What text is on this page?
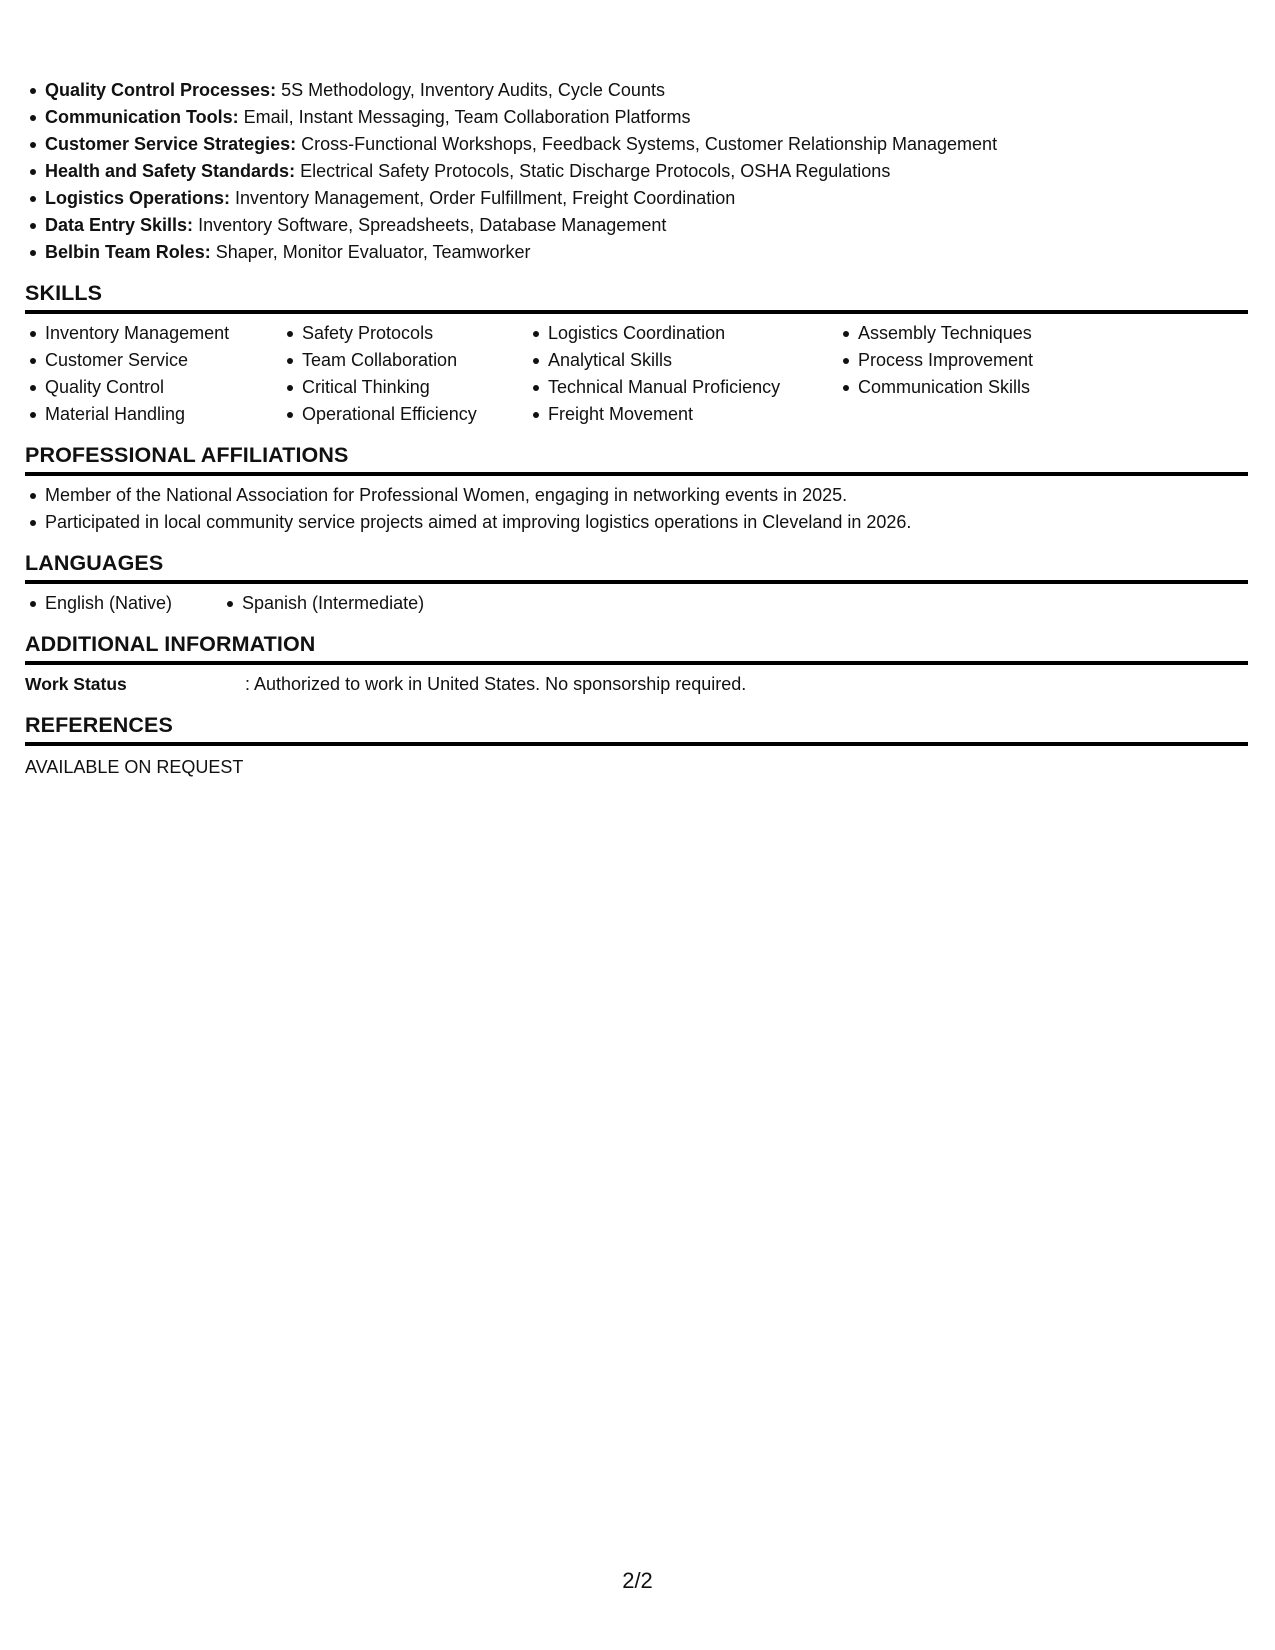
Quality Control Processes: 5S Methodology, Inventory Audits, Cycle Counts
Communication Tools: Email, Instant Messaging, Team Collaboration Platforms
Customer Service Strategies: Cross-Functional Workshops, Feedback Systems, Customer Relationship Management
Health and Safety Standards: Electrical Safety Protocols, Static Discharge Protocols, OSHA Regulations
Logistics Operations: Inventory Management, Order Fulfillment, Freight Coordination
Data Entry Skills: Inventory Software, Spreadsheets, Database Management
Belbin Team Roles: Shaper, Monitor Evaluator, Teamworker
SKILLS
Inventory Management
Customer Service
Quality Control
Material Handling
Safety Protocols
Team Collaboration
Critical Thinking
Operational Efficiency
Logistics Coordination
Analytical Skills
Technical Manual Proficiency
Freight Movement
Assembly Techniques
Process Improvement
Communication Skills
PROFESSIONAL AFFILIATIONS
Member of the National Association for Professional Women, engaging in networking events in 2025.
Participated in local community service projects aimed at improving logistics operations in Cleveland in 2026.
LANGUAGES
English (Native)	Spanish (Intermediate)
ADDITIONAL INFORMATION
Work Status	: Authorized to work in United States. No sponsorship required.
REFERENCES
AVAILABLE ON REQUEST
2/2
